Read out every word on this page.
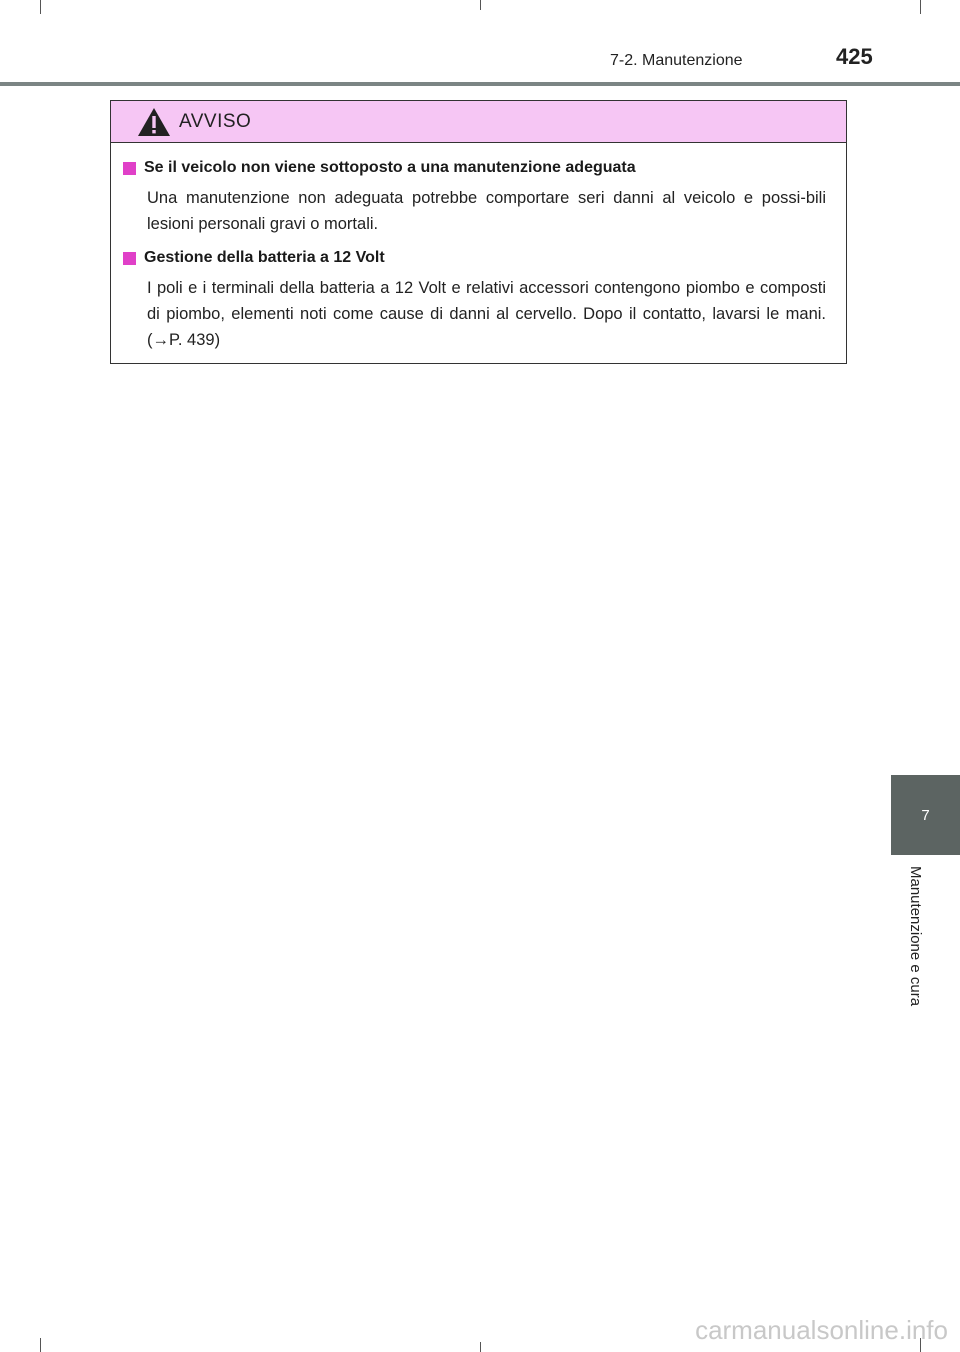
7-2. Manutenzione	425
AVVISO
Se il veicolo non viene sottoposto a una manutenzione adeguata

Una manutenzione non adeguata potrebbe comportare seri danni al veicolo e possi-bili lesioni personali gravi o mortali.

Gestione della batteria a 12 Volt

I poli e i terminali della batteria a 12 Volt e relativi accessori contengono piombo e composti di piombo, elementi noti come cause di danni al cervello. Dopo il contatto, lavarsi le mani. (→P. 439)

7
Manutenzione e cura
carmanualsonline.info
